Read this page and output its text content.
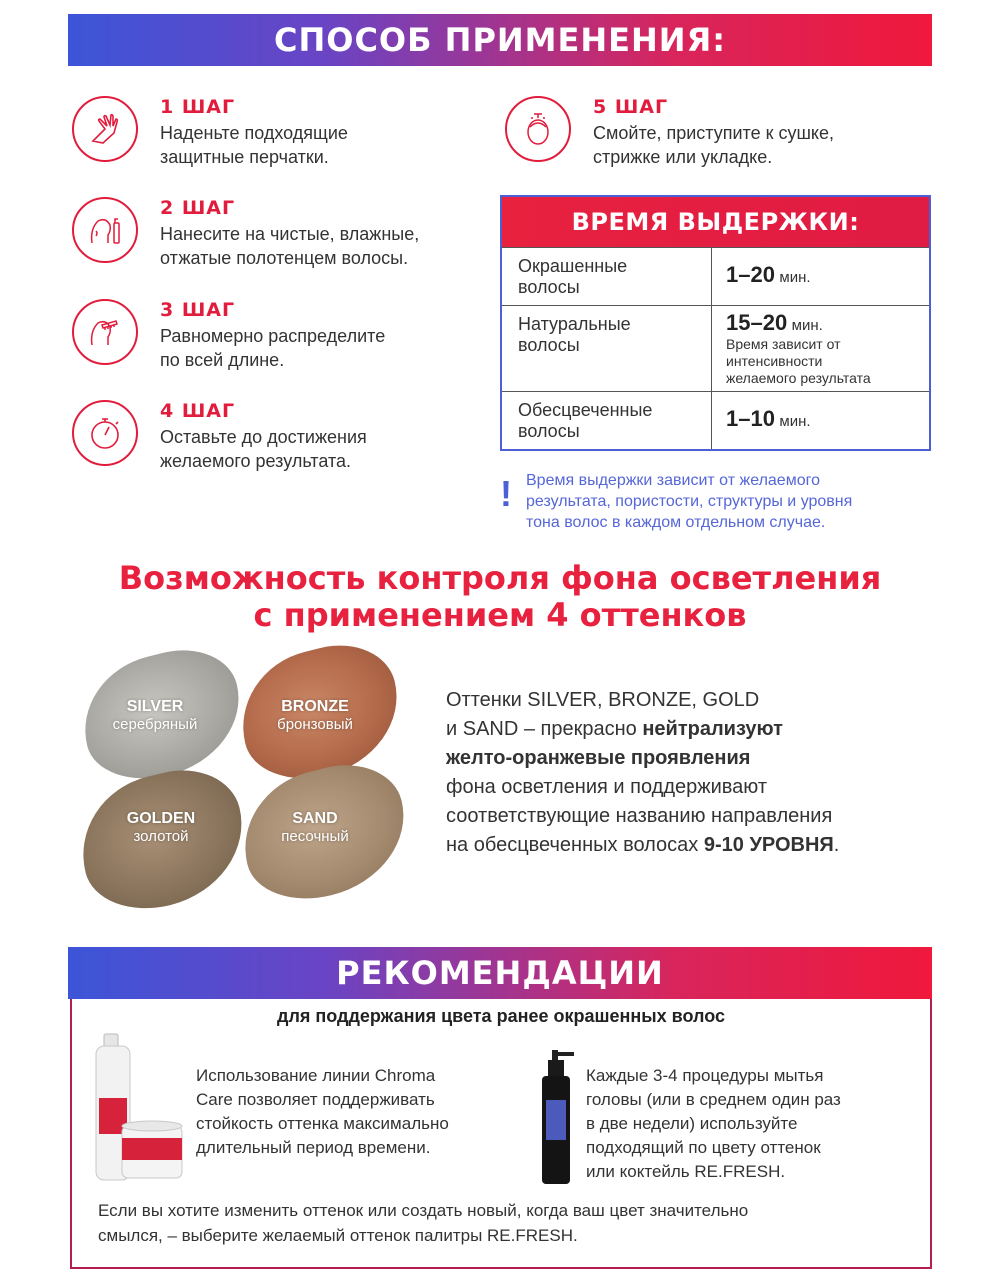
СПОСОБ ПРИМЕНЕНИЯ:
1 ШАГ
Наденьте подходящие
защитные перчатки.
2 ШАГ
Нанесите на чистые, влажные,
отжатые полотенцем волосы.
3 ШАГ
Равномерно распределите
по всей длине.
4 ШАГ
Оставьте до достижения
желаемого результата.
5 ШАГ
Смойте, приступите к сушке,
стрижке или укладке.
ВРЕМЯ ВЫДЕРЖКИ:
Окрашенные
волосы	1–20 мин.
Натуральные
волосы
15–20 мин.
Время зависит от
интенсивности
желаемого результата
Обесцвеченные
волосы	1–10 мин.
! Время выдержки зависит от желаемого
результата, пористости, структуры и уровня
тона волос в каждом отдельном случае.
Возможность контроля фона осветления
с применением 4 оттенков
SILVER
серебряный
BRONZE
бронзовый
GOLDEN
золотой
SAND
песочный
Оттенки SILVER, BRONZE, GOLD
и SAND – прекрасно нейтрализуют
желто-оранжевые проявления
фона осветления и поддерживают
соответствующие названию направления
на обесцвеченных волосах 9-10 УРОВНЯ.
РЕКОМЕНДАЦИИ
для поддержания цвета ранее окрашенных волос
Использование линии Chroma
Care позволяет поддерживать
стойкость оттенка максимально
длительный период времени.
Каждые 3-4 процедуры мытья
головы (или в среднем один раз
в две недели) используйте
подходящий по цвету оттенок
или коктейль RE.FRESH.
Если вы хотите изменить оттенок или создать новый, когда ваш цвет значительно
смылся, – выберите желаемый оттенок палитры RE.FRESH.
